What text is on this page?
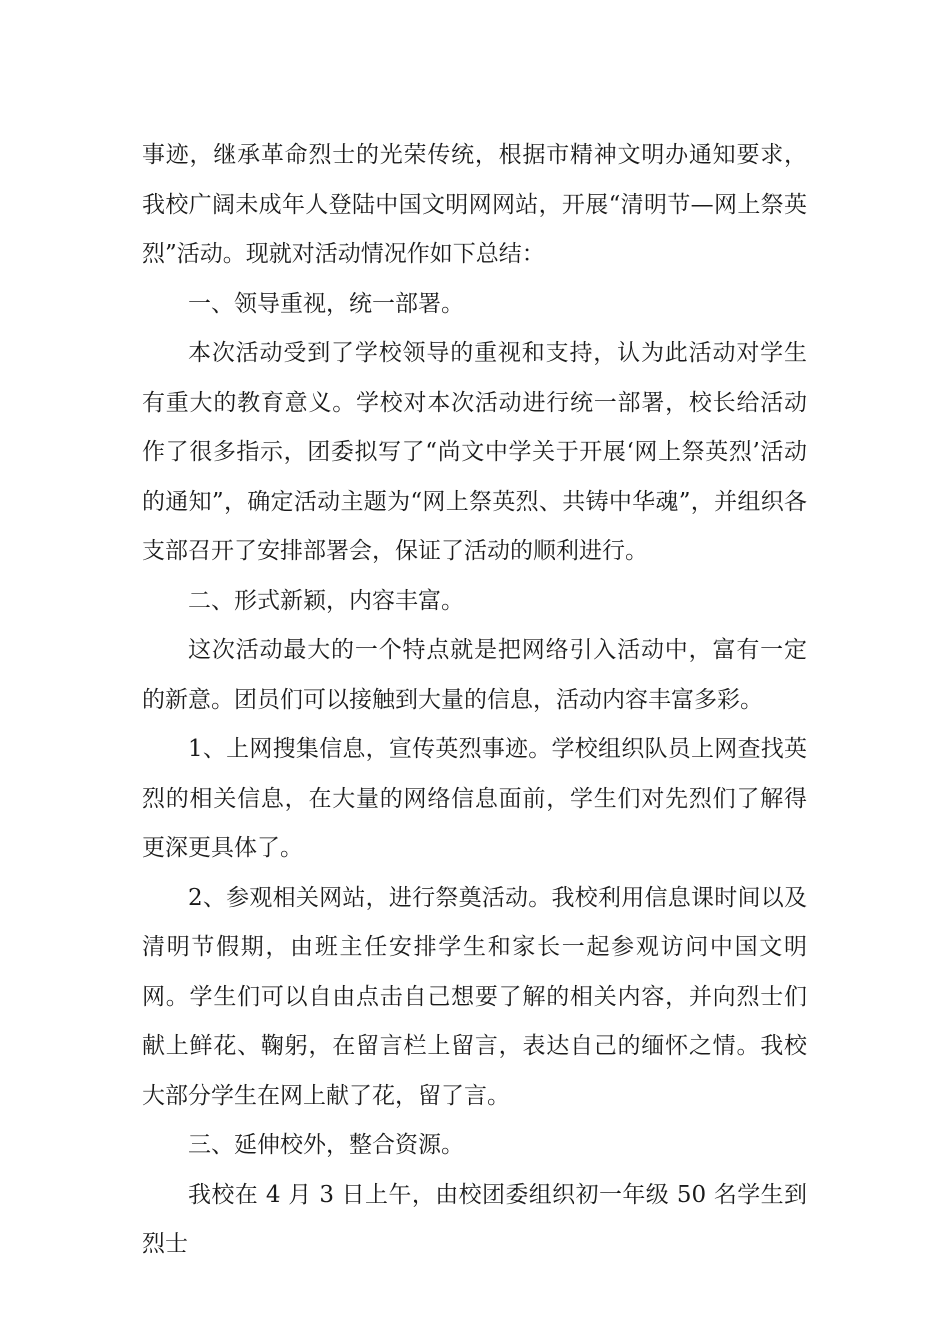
事迹，继承革命烈士的光荣传统，根据市精神文明办通知要求，我校广阔未成年人登陆中国文明网网站，开展“清明节—网上祭英烈”活动。现就对活动情况作如下总结：

一、领导重视，统一部署。

本次活动受到了学校领导的重视和支持，认为此活动对学生有重大的教育意义。学校对本次活动进行统一部署，校长给活动作了很多指示，团委拟写了“尚文中学关于开展‘网上祭英烈’活动的通知”，确定活动主题为“网上祭英烈、共铸中华魂”，并组织各支部召开了安排部署会，保证了活动的顺利进行。

二、形式新颖，内容丰富。

这次活动最大的一个特点就是把网络引入活动中，富有一定的新意。团员们可以接触到大量的信息，活动内容丰富多彩。

1、上网搜集信息，宣传英烈事迹。学校组织队员上网查找英烈的相关信息，在大量的网络信息面前，学生们对先烈们了解得更深更具体了。

2、参观相关网站，进行祭奠活动。我校利用信息课时间以及清明节假期，由班主任安排学生和家长一起参观访问中国文明网。学生们可以自由点击自己想要了解的相关内容，并向烈士们献上鲜花、鞠躬，在留言栏上留言，表达自己的缅怀之情。我校大部分学生在网上献了花，留了言。

三、延伸校外，整合资源。

我校在 4 月 3 日上午，由校团委组织初一年级 50 名学生到烈士
